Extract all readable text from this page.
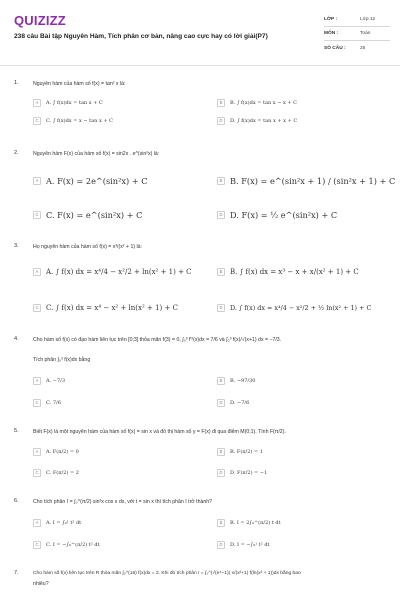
QUIZIZZ
238 câu Bài tập Nguyên Hàm, Tích phân cơ bản, nâng cao cực hay có lời giải(P7)
LỚP :	Lớp 12
MÔN :	Toán
SỐ CÂU :	25
1.	Nguyên hàm của hàm số f(x) = tan² x là:
A	A. ∫ f(x)dx = tan x + C	B	B. ∫ f(x)dx = tan x − x + C
C	C. ∫ f(x)dx = x − tan x + C	D	D. ∫ f(x)dx = tan x + x + C
2.	Nguyên hàm F(x) của hàm số f(x) = sin2x . e^(sin²x) là:
A A. F(x) = 2e^(sin²x) + C	B B. F(x) = e^(sin²x + 1) / (sin²x + 1) + C
C C. F(x) = e^(sin²x) + C	D D. F(x) = ½ e^(sin²x) + C
3.	Họ nguyên hàm của hàm số f(x) = x³/(x² + 1) là:
A	A. ∫ f(x) dx = x⁴/4 − x²/2 + ln(x² + 1) + C	B	B. ∫ f(x) dx = x³ − x + x/(x² + 1) + C
C	C. ∫ f(x) dx = x⁴ − x² + ln(x² + 1) + C	D	D. ∫ f(x) dx = x⁴/4 − x²/2 + ½ ln(x² + 1) + C
4.	Cho hàm số f(x) có đạo hàm liên tục trên [0;3] thỏa mãn f(3) = 0, ∫₀³ f'²(x)dx = 7/6 và ∫₀³ f(x)/√(x+1) dx = −7/3.
Tích phân ∫₀³ f(x)dx bằng
A	A. −7/3	B	B. −97/30
C	C. 7/6	D	D. −7/6
5.	Biết F(x) là một nguyên hàm của hàm số f(x) = sin x và đồ thị hàm số y = F(x) đi qua điểm M(0;1). Tính F(π/2).
A	A. F(π/2) = 0	B	B. F(π/2) = 1
C	C. F(π/2) = 2	D	D. F(π/2) = −1
6.	Cho tích phân I = ∫₀^(π/2) sin²x cos x dx, với t = sin x thì tích phân I trở thành?
A	A. I = ∫₀¹ t² dt	B	B. I = 2∫₀^(π/2) t dt
C	C. I = −∫₀^(π/2) t² dt	D	D. I = −∫₀¹ t² dt
7.	Cho hàm số f(x) liên tục trên R thỏa mãn ∫₀^(16) f(x)dx = 2. Khi đó tích phân I = ∫₀^(√(e⁴−1)) x/(x²+1) f(ln(x² + 1))dx bằng bao
nhiêu?
